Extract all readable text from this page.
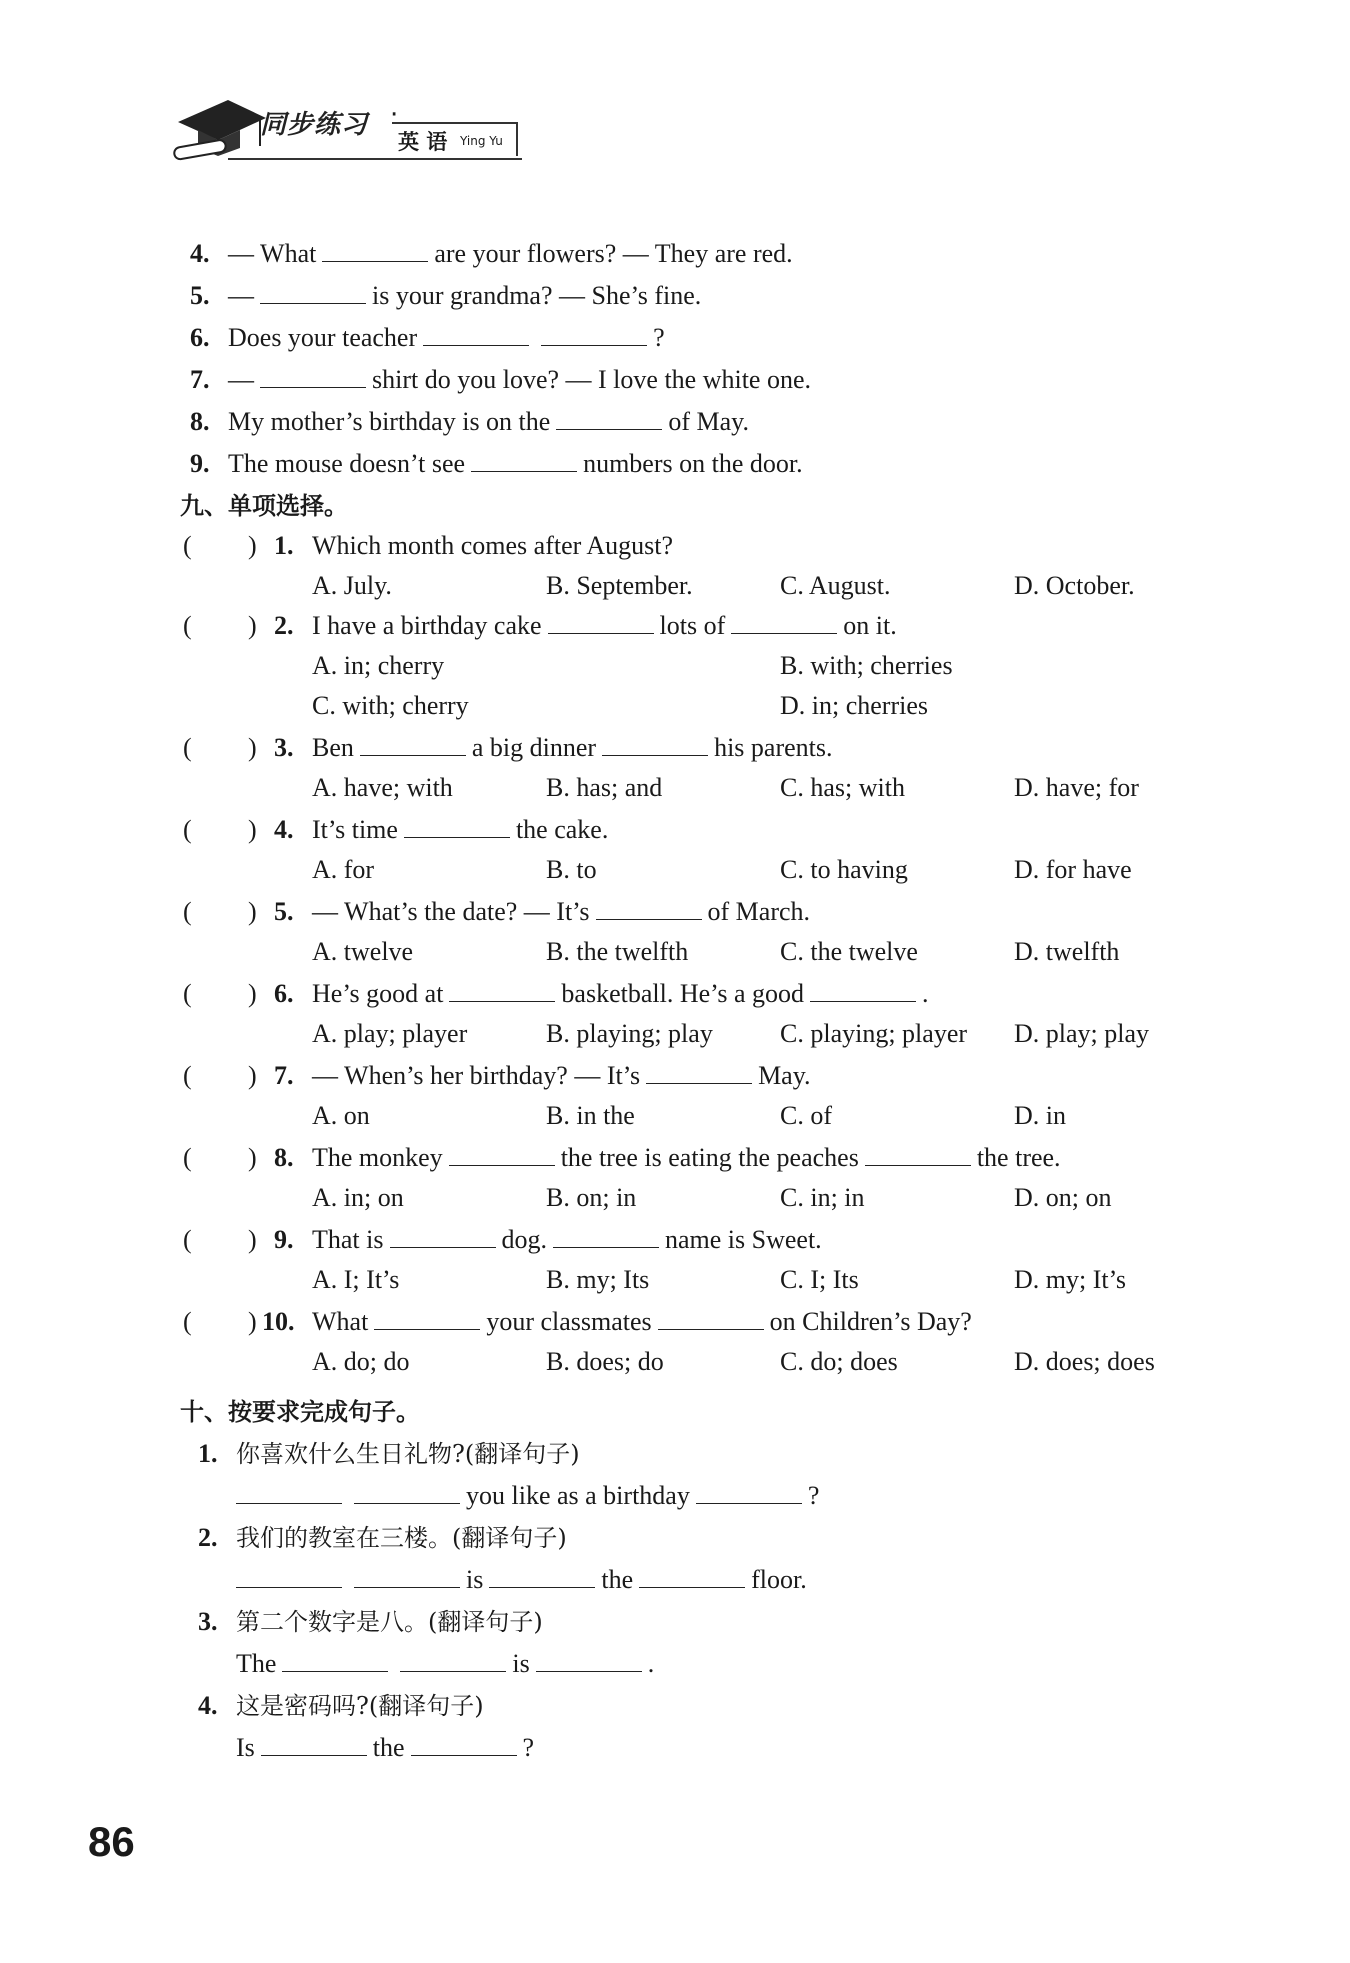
同步练习 ·
英 语 Ying Yu
4. — What	are your flowers? — They are red.
5. —	is your grandma? — She’s fine.
6. Does your teacher	?
7. —	shirt do you love? — I love the white one.
8. My mother’s birthday is on the	of May.
9. The mouse doesn’t see	numbers on the door.
九、单项选择。
( ) 1. Which month comes after August?
A. July.	B. September.	C. August.	D. October.
( ) 2. I have a birthday cake	lots of	on it.
A. in; cherry	B. with; cherries
C. with; cherry	D. in; cherries
( ) 3. Ben	a big dinner	his parents.
A. have; with	B. has; and	C. has; with	D. have; for
( ) 4. It’s time	the cake.
A. for	B. to	C. to having	D. for have
( ) 5. — What’s the date? — It’s	of March.
A. twelve	B. the twelfth	C. the twelve	D. twelfth
( ) 6. He’s good at	basketball. He’s a good	.
A. play; player	B. playing; play	C. playing; player D. play; play
( ) 7. — When’s her birthday? — It’s	May.
A. on	B. in the	C. of	D. in
( ) 8. The monkey	the tree is eating the peaches	the tree.
A. in; on	B. on; in	C. in; in	D. on; on
( ) 9. That is	dog.	name is Sweet.
A. I; It’s	B. my; Its	C. I; Its	D. my; It’s
( ) 10. What	your classmates	on Children’s Day?
A. do; do	B. does; do	C. do; does	D. does; does
十、按要求完成句子。
1. 你喜欢什么生日礼物?(翻译句子)
you like as a birthday	?
2. 我们的教室在三楼。(翻译句子)
is	the	floor.
3. 第二个数字是八。(翻译句子)
The	is	.
4. 这是密码吗?(翻译句子)
Is	the	?
86
